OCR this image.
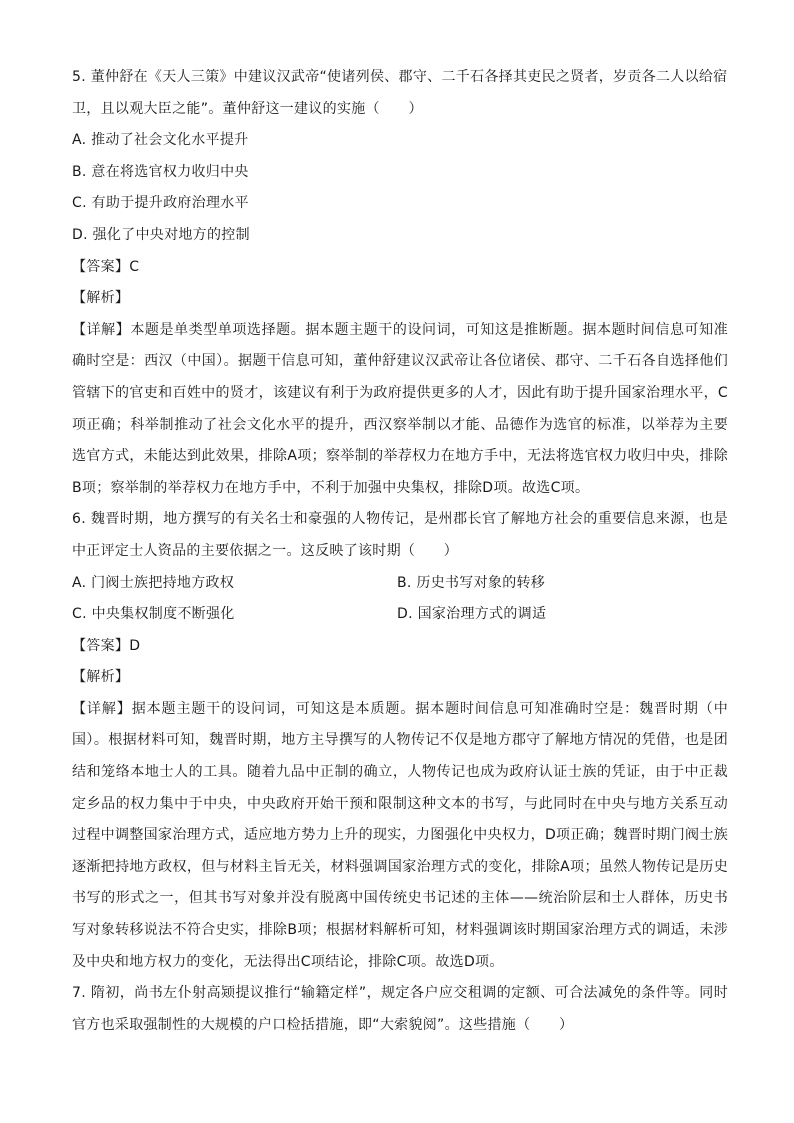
5. 董仲舒在《天人三策》中建议汉武帝“使诸列侯、郡守、二千石各择其吏民之贤者，岁贡各二人以给宿
卫，且以观大臣之能”。董仲舒这一建议的实施（　　）
A. 推动了社会文化水平提升
B. 意在将选官权力收归中央
C. 有助于提升政府治理水平
D. 强化了中央对地方的控制
【答案】C
【解析】
【详解】本题是单类型单项选择题。据本题主题干的设问词，可知这是推断题。据本题时间信息可知准确时空是：西汉（中国）。据题干信息可知，董仲舒建议汉武帝让各位诸侯、郡守、二千石各自选择他们管辖下的官吏和百姓中的贤才，该建议有利于为政府提供更多的人才，因此有助于提升国家治理水平，C项正确；科举制推动了社会文化水平的提升，西汉察举制以才能、品德作为选官的标准，以举荐为主要选官方式，未能达到此效果，排除A项；察举制的举荐权力在地方手中，无法将选官权力收归中央，排除B项；察举制的举荐权力在地方手中，不利于加强中央集权，排除D项。故选C项。
6. 魏晋时期，地方撰写的有关名士和豪强的人物传记，是州郡长官了解地方社会的重要信息来源，也是中正评定士人资品的主要依据之一。这反映了该时期（　　）
A. 门阀士族把持地方政权	B. 历史书写对象的转移
C. 中央集权制度不断强化	D. 国家治理方式的调适
【答案】D
【解析】
【详解】据本题主题干的设问词，可知这是本质题。据本题时间信息可知准确时空是：魏晋时期（中国）。根据材料可知，魏晋时期，地方主导撰写的人物传记不仅是地方郡守了解地方情况的凭借，也是团结和笼络本地士人的工具。随着九品中正制的确立，人物传记也成为政府认证士族的凭证，由于中正裁定乡品的权力集中于中央，中央政府开始干预和限制这种文本的书写，与此同时在中央与地方关系互动过程中调整国家治理方式，适应地方势力上升的现实，力图强化中央权力，D项正确；魏晋时期门阀士族逐渐把持地方政权，但与材料主旨无关，材料强调国家治理方式的变化，排除A项；虽然人物传记是历史书写的形式之一，但其书写对象并没有脱离中国传统史书记述的主体——统治阶层和士人群体，历史书写对象转移说法不符合史实，排除B项；根据材料解析可知，材料强调该时期国家治理方式的调适，未涉及中央和地方权力的变化，无法得出C项结论，排除C项。故选D项。
7. 隋初，尚书左仆射高颎提议推行“输籍定样”，规定各户应交租调的定额、可合法减免的条件等。同时官方也采取强制性的大规模的户口检括措施，即“大索貌阅”。这些措施（　　）
